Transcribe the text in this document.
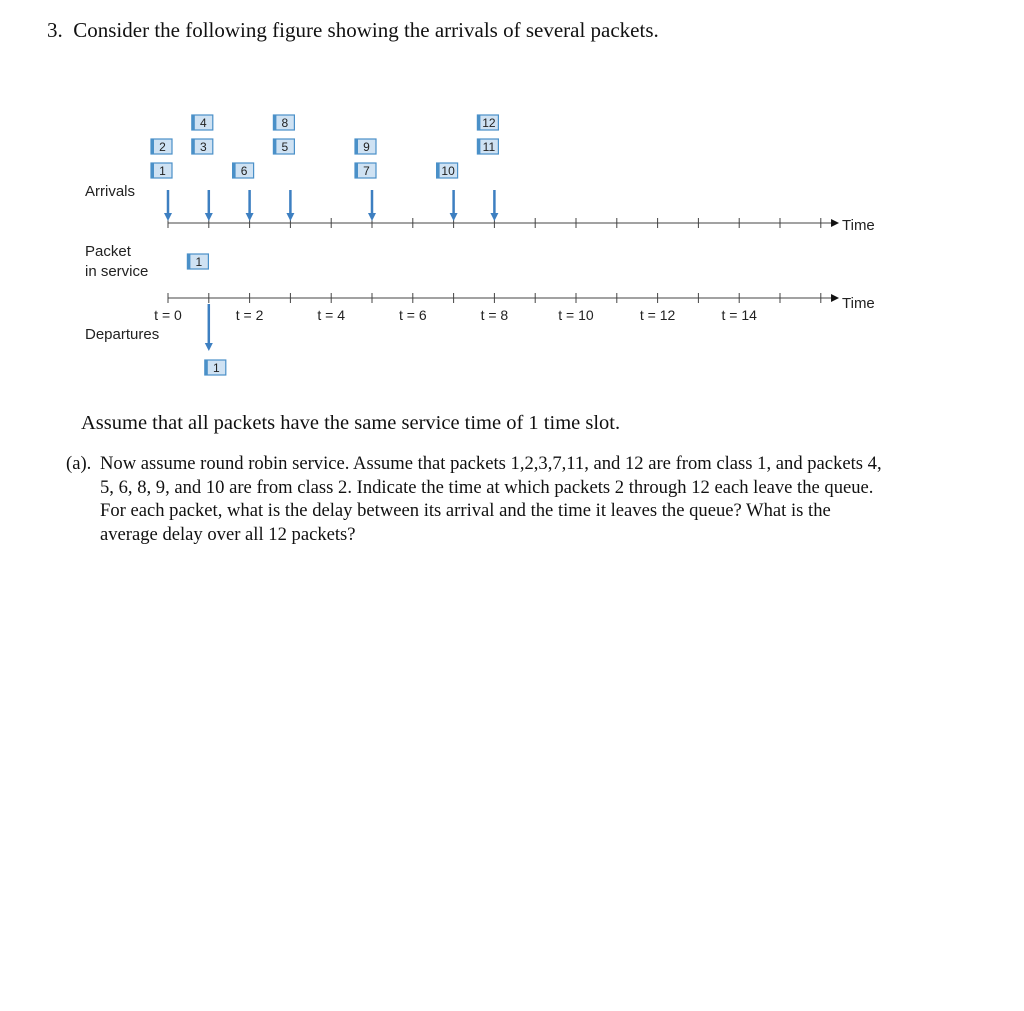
3. Consider the following figure showing the arrivals of several packets.
Arrivals
Packet
in service
Departures
Time
Time
t = 0	t = 2	t = 4	t = 6	t = 8	t = 10	t = 12	t = 14
1
2	3
4
6
5
8
7
9
10
11
12
1
1
Assume that all packets have the same service time of 1 time slot.
(a). Now assume round robin service. Assume that packets 1,2,3,7,11, and 12 are from class 1, and packets 4, 5, 6, 8, 9, and 10 are from class 2. Indicate the time at which packets 2 through 12 each leave the queue. For each packet, what is the delay between its arrival and the time it leaves the queue? What is the average delay over all 12 packets?
